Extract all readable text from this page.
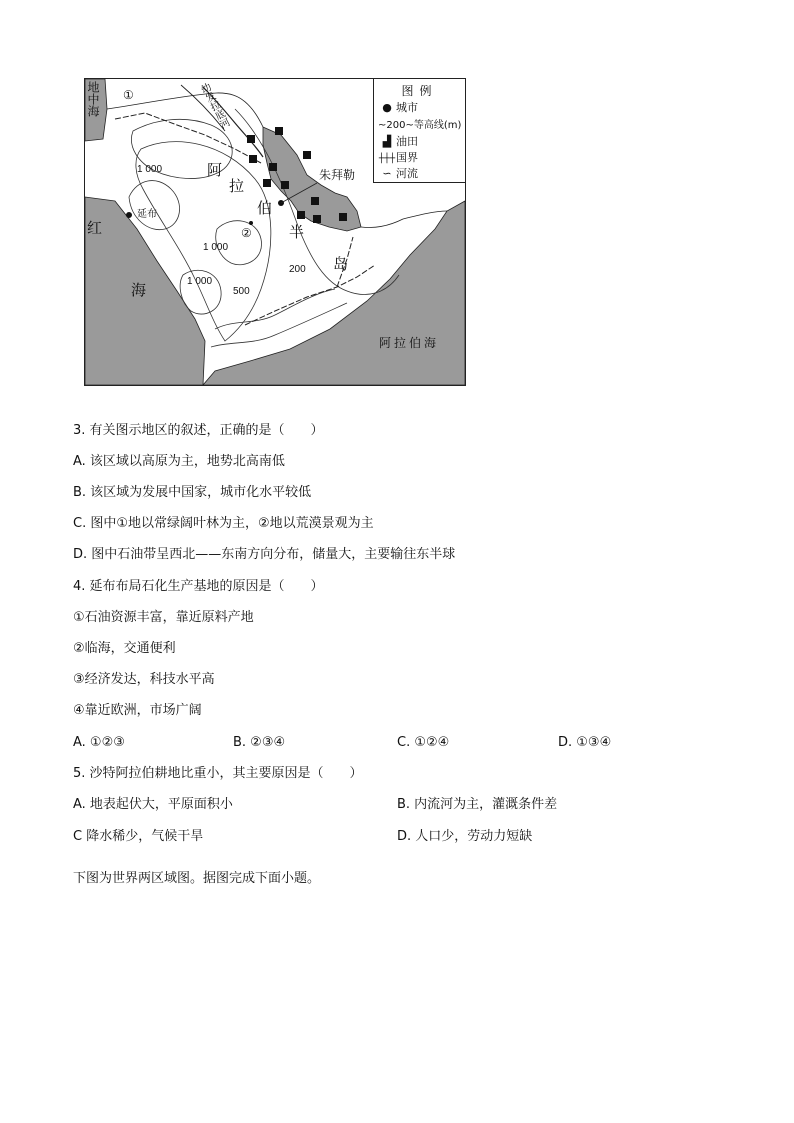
地中海
红
海
阿拉伯海
阿
拉
伯
半
岛
幼发拉底河
朱拜勒
延布
①
②
1 000
1 000
1 000
500
200
图例
● 城市
~200~等高线(m)
▟ 油田
┼┼┼国界
∽ 河流
3. 有关图示地区的叙述，正确的是（　　）
A. 该区域以高原为主，地势北高南低
B. 该区域为发展中国家，城市化水平较低
C. 图中①地以常绿阔叶林为主，②地以荒漠景观为主
D. 图中石油带呈西北——东南方向分布，储量大，主要输往东半球
4. 延布布局石化生产基地的原因是（　　）
①石油资源丰富，靠近原料产地
②临海，交通便利
③经济发达，科技水平高
④靠近欧洲，市场广阔
A. ①②③	B. ②③④	C. ①②④	D. ①③④
5. 沙特阿拉伯耕地比重小，其主要原因是（　　）
A. 地表起伏大，平原面积小	B. 内流河为主，灌溉条件差
C 降水稀少，气候干旱	D. 人口少，劳动力短缺
下图为世界两区域图。据图完成下面小题。
